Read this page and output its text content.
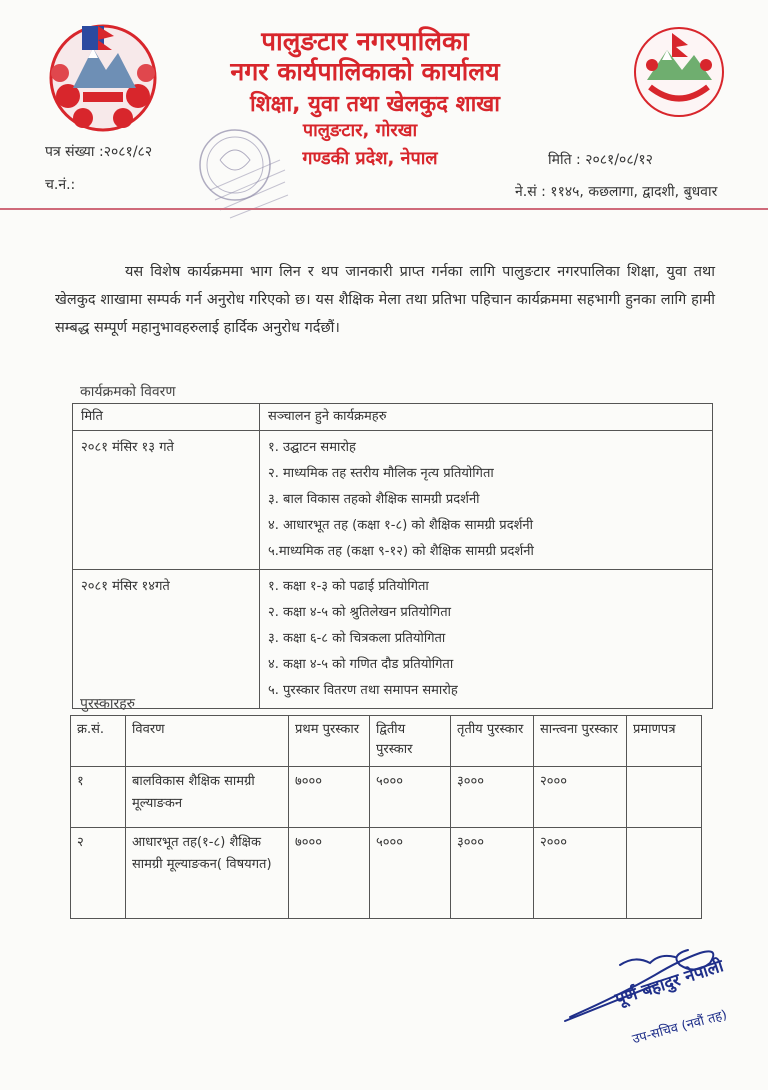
पालुङटार नगरपालिका
नगर कार्यपालिकाको कार्यालय
शिक्षा, युवा तथा खेलकुद शाखा
पालुङटार, गोरखा
गण्डकी प्रदेश, नेपाल
पत्र संख्या :२०८१/८२
च.नं.:
मिति : २०८१/०८/१२
ने.सं : ११४५, कछलागा, द्वादशी, बुधवार
यस विशेष कार्यक्रममा भाग लिन र थप जानकारी प्राप्त गर्नका लागि पालुङटार नगरपालिका शिक्षा, युवा तथा खेलकुद शाखामा सम्पर्क गर्न अनुरोध गरिएको छ। यस शैक्षिक मेला तथा प्रतिभा पहिचान कार्यक्रममा सहभागी हुनका लागि हामी सम्बद्ध सम्पूर्ण महानुभावहरुलाई हार्दिक अनुरोध गर्दछौं।
कार्यक्रमको विवरण
मिति	सञ्चालन हुने कार्यक्रमहरु
२०८१ मंसिर १३ गते	१. उद्घाटन समारोह
२. माध्यमिक तह स्तरीय मौलिक नृत्य प्रतियोगिता
३. बाल विकास तहको शैक्षिक सामग्री प्रदर्शनी
४. आधारभूत तह (कक्षा १-८) को शैक्षिक सामग्री प्रदर्शनी
५.माध्यमिक तह (कक्षा ९-१२) को शैक्षिक सामग्री प्रदर्शनी

२०८१ मंसिर १४गते	१. कक्षा १-३ को पढाई प्रतियोगिता
२. कक्षा ४-५ को श्रुतिलेखन प्रतियोगिता
३. कक्षा ६-८ को चित्रकला प्रतियोगिता
४. कक्षा ४-५ को गणित दौड प्रतियोगिता
५. पुरस्कार वितरण तथा समापन समारोह
पुरस्कारहरु
क्र.सं.	विवरण	प्रथम पुरस्कार	द्वितीय पुरस्कार	तृतीय पुरस्कार	सान्त्वना पुरस्कार	प्रमाणपत्र
१	बालविकास शैक्षिक सामग्री मूल्याङकन	७०००	५०००	३०००	२०००	
२	आधारभूत तह(१-८) शैक्षिक सामग्री मूल्याङकन( विषयगत)	७०००	५०००	३०००	२०००	
पूर्ण बहादुर नेपाली
उप-सचिव (नवौं तह)
